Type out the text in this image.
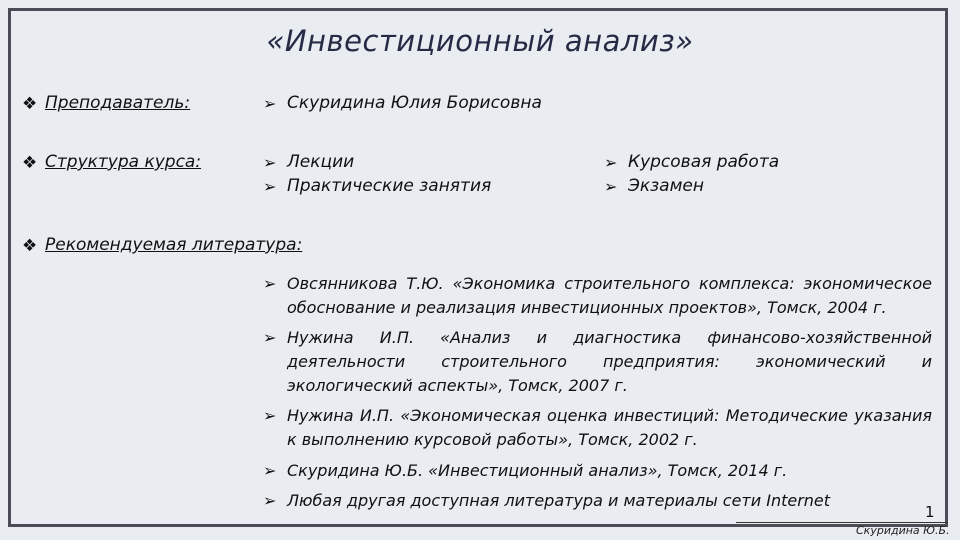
«Инвестиционный анализ»
❖ Преподаватель:	➢ Скуридина Юлия Борисовна
❖ Структура курса:	➢ Лекции
➢ Практические занятия
➢ Курсовая работа
➢ Экзамен
❖ Рекомендуемая литература:
➢ Овсянникова Т.Ю. «Экономика строительного комплекса: экономическое обоснование и реализация инвестиционных проектов», Томск, 2004 г.
➢ Нужина И.П. «Анализ и диагностика финансово-хозяйственной деятельности строительного предприятия: экономический и экологический аспекты», Томск, 2007 г.
➢ Нужина И.П. «Экономическая оценка инвестиций: Методические указания к выполнению курсовой работы», Томск, 2002 г.
➢ Скуридина Ю.Б. «Инвестиционный анализ», Томск, 2014 г.
➢ Любая другая доступная литература и материалы сети Internet
1
Скуридина Ю.Б.
